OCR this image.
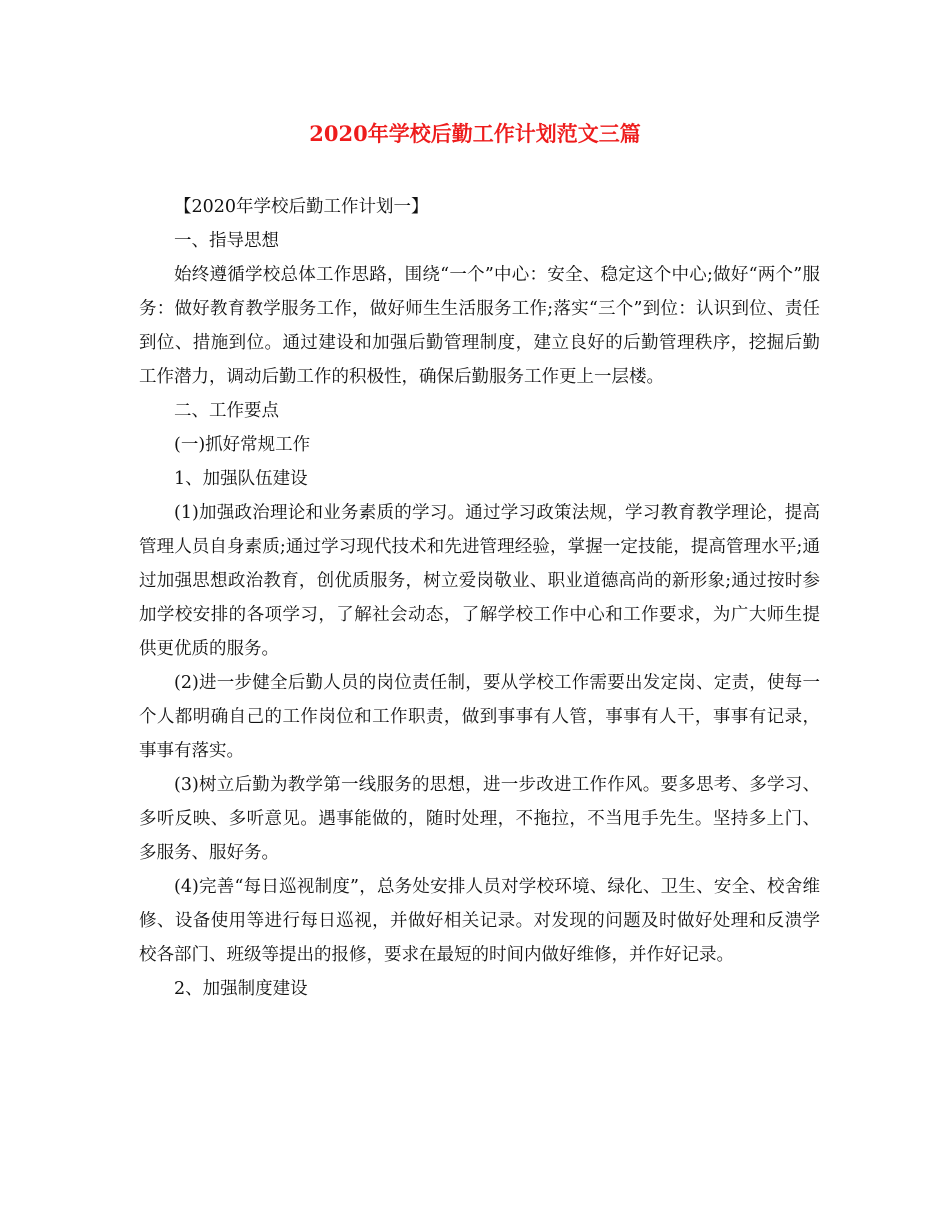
2020年学校后勤工作计划范文三篇

【2020年学校后勤工作计划一】

一、指导思想

始终遵循学校总体工作思路，围绕“一个”中心：安全、稳定这个中心;做好“两个”服务：做好教育教学服务工作，做好师生生活服务工作;落实“三个”到位：认识到位、责任到位、措施到位。通过建设和加强后勤管理制度，建立良好的后勤管理秩序，挖掘后勤工作潜力，调动后勤工作的积极性，确保后勤服务工作更上一层楼。

二、工作要点

(一)抓好常规工作

1、加强队伍建设

(1)加强政治理论和业务素质的学习。通过学习政策法规，学习教育教学理论，提高管理人员自身素质;通过学习现代技术和先进管理经验，掌握一定技能，提高管理水平;通过加强思想政治教育，创优质服务，树立爱岗敬业、职业道德高尚的新形象;通过按时参加学校安排的各项学习，了解社会动态，了解学校工作中心和工作要求，为广大师生提供更优质的服务。

(2)进一步健全后勤人员的岗位责任制，要从学校工作需要出发定岗、定责，使每一个人都明确自己的工作岗位和工作职责，做到事事有人管，事事有人干，事事有记录，事事有落实。

(3)树立后勤为教学第一线服务的思想，进一步改进工作作风。要多思考、多学习、多听反映、多听意见。遇事能做的，随时处理，不拖拉，不当甩手先生。坚持多上门、多服务、服好务。

(4)完善“每日巡视制度”，总务处安排人员对学校环境、绿化、卫生、安全、校舍维修、设备使用等进行每日巡视，并做好相关记录。对发现的问题及时做好处理和反溃学校各部门、班级等提出的报修，要求在最短的时间内做好维修，并作好记录。

2、加强制度建设
